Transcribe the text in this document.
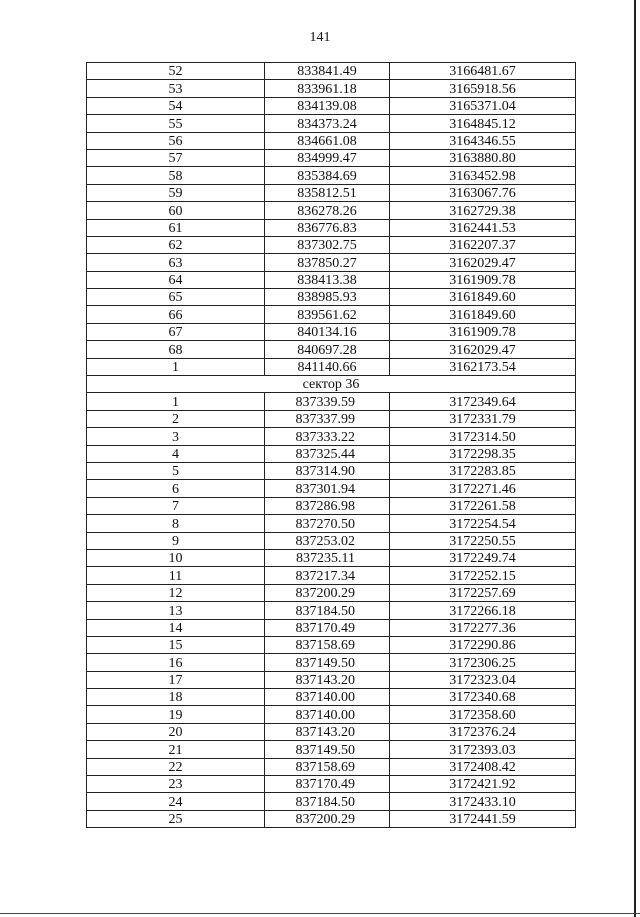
141
52	833841.49	3166481.67
53	833961.18	3165918.56
54	834139.08	3165371.04
55	834373.24	3164845.12
56	834661.08	3164346.55
57	834999.47	3163880.80
58	835384.69	3163452.98
59	835812.51	3163067.76
60	836278.26	3162729.38
61	836776.83	3162441.53
62	837302.75	3162207.37
63	837850.27	3162029.47
64	838413.38	3161909.78
65	838985.93	3161849.60
66	839561.62	3161849.60
67	840134.16	3161909.78
68	840697.28	3162029.47
1	841140.66	3162173.54
сектор 36		
1	837339.59	3172349.64
2	837337.99	3172331.79
3	837333.22	3172314.50
4	837325.44	3172298.35
5	837314.90	3172283.85
6	837301.94	3172271.46
7	837286.98	3172261.58
8	837270.50	3172254.54
9	837253.02	3172250.55
10	837235.11	3172249.74
11	837217.34	3172252.15
12	837200.29	3172257.69
13	837184.50	3172266.18
14	837170.49	3172277.36
15	837158.69	3172290.86
16	837149.50	3172306.25
17	837143.20	3172323.04
18	837140.00	3172340.68
19	837140.00	3172358.60
20	837143.20	3172376.24
21	837149.50	3172393.03
22	837158.69	3172408.42
23	837170.49	3172421.92
24	837184.50	3172433.10
25	837200.29	3172441.59
